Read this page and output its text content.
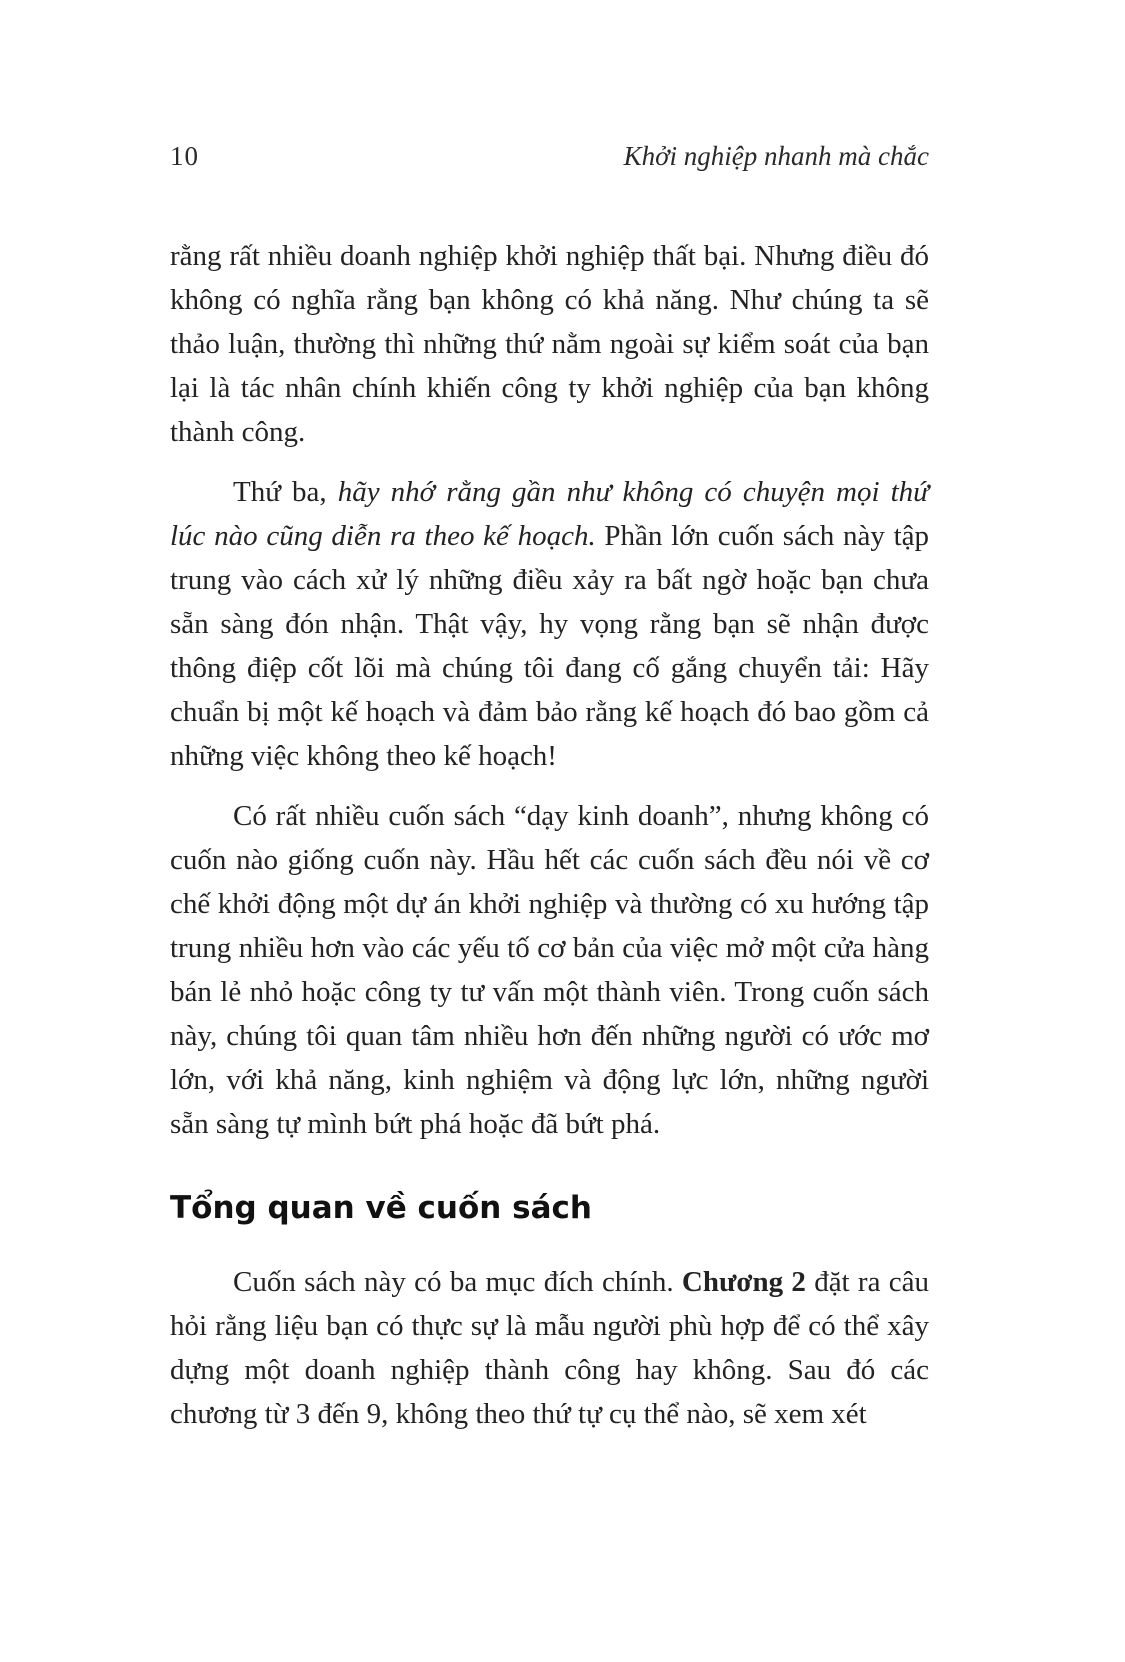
10	Khởi nghiệp nhanh mà chắc

rằng rất nhiều doanh nghiệp khởi nghiệp thất bại. Nhưng điều đó không có nghĩa rằng bạn không có khả năng. Như chúng ta sẽ thảo luận, thường thì những thứ nằm ngoài sự kiểm soát của bạn lại là tác nhân chính khiến công ty khởi nghiệp của bạn không thành công.

Thứ ba, hãy nhớ rằng gần như không có chuyện mọi thứ lúc nào cũng diễn ra theo kế hoạch. Phần lớn cuốn sách này tập trung vào cách xử lý những điều xảy ra bất ngờ hoặc bạn chưa sẵn sàng đón nhận. Thật vậy, hy vọng rằng bạn sẽ nhận được thông điệp cốt lõi mà chúng tôi đang cố gắng chuyển tải: Hãy chuẩn bị một kế hoạch và đảm bảo rằng kế hoạch đó bao gồm cả những việc không theo kế hoạch!

Có rất nhiều cuốn sách “dạy kinh doanh”, nhưng không có cuốn nào giống cuốn này. Hầu hết các cuốn sách đều nói về cơ chế khởi động một dự án khởi nghiệp và thường có xu hướng tập trung nhiều hơn vào các yếu tố cơ bản của việc mở một cửa hàng bán lẻ nhỏ hoặc công ty tư vấn một thành viên. Trong cuốn sách này, chúng tôi quan tâm nhiều hơn đến những người có ước mơ lớn, với khả năng, kinh nghiệm và động lực lớn, những người sẵn sàng tự mình bứt phá hoặc đã bứt phá.

Tổng quan về cuốn sách

Cuốn sách này có ba mục đích chính. Chương 2 đặt ra câu hỏi rằng liệu bạn có thực sự là mẫu người phù hợp để có thể xây dựng một doanh nghiệp thành công hay không. Sau đó các chương từ 3 đến 9, không theo thứ tự cụ thể nào, sẽ xem xét
